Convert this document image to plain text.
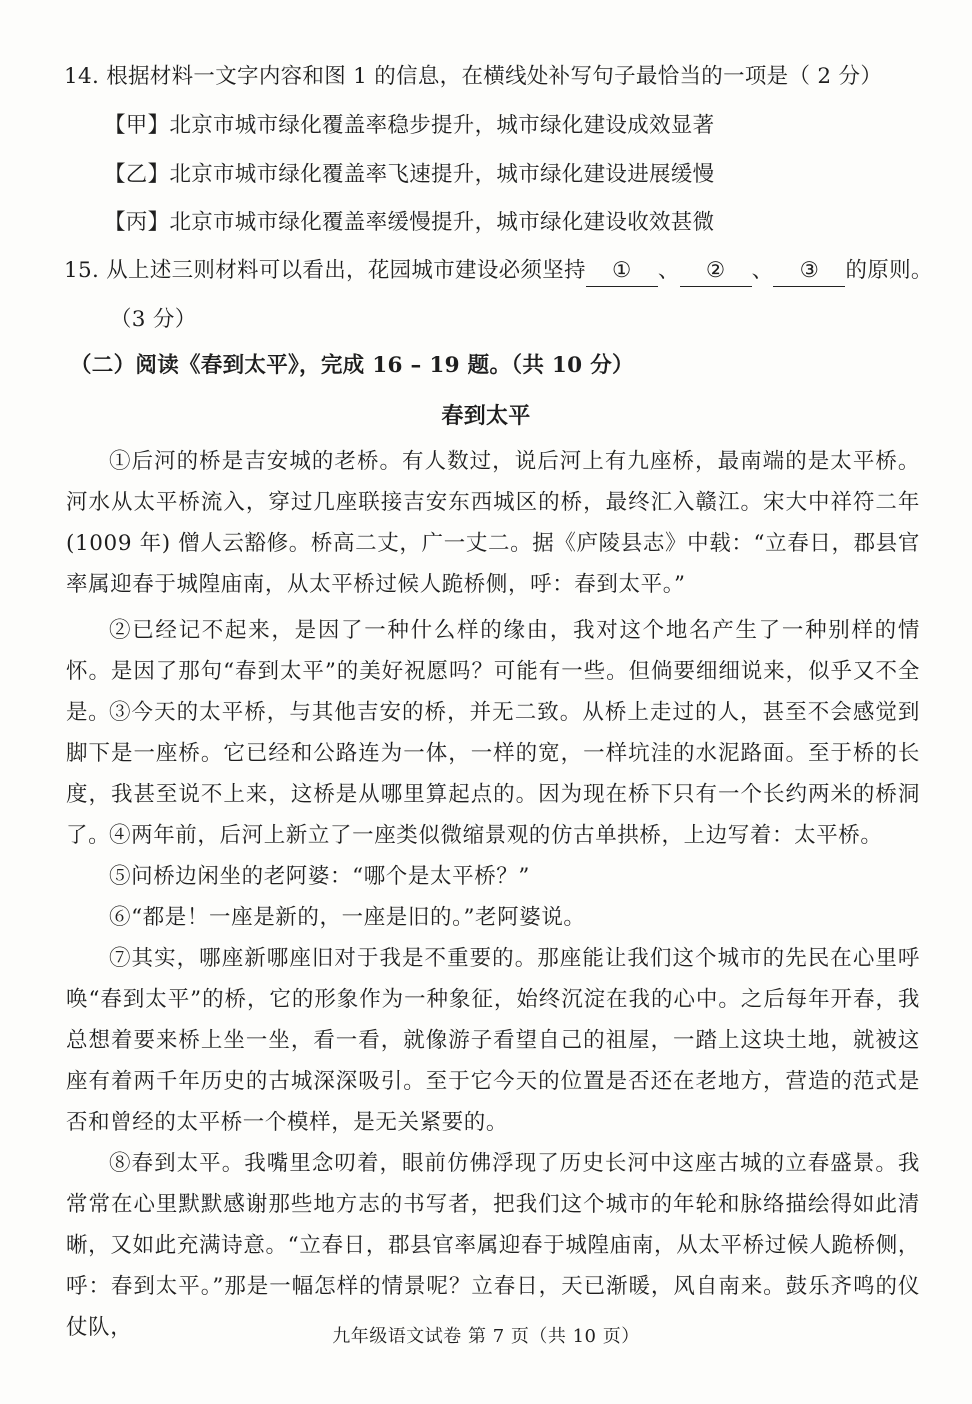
14. 根据材料一文字内容和图 1 的信息，在横线处补写句子最恰当的一项是（ 2 分）
【甲】北京市城市绿化覆盖率稳步提升，城市绿化建设成效显著
【乙】北京市城市绿化覆盖率飞速提升，城市绿化建设进展缓慢
【丙】北京市城市绿化覆盖率缓慢提升，城市绿化建设收效甚微
15. 从上述三则材料可以看出，花园城市建设必须坚持 ① 、 ② 、 ③ 的原则。
（3 分）
（二）阅读《春到太平》，完成 16 – 19 题。（共 10 分）
春到太平
①后河的桥是吉安城的老桥。有人数过，说后河上有九座桥，最南端的是太平桥。河水从太平桥流入，穿过几座联接吉安东西城区的桥，最终汇入赣江。宋大中祥符二年 (1009 年) 僧人云豁修。桥高二丈，广一丈二。据《庐陵县志》中载：“立春日，郡县官率属迎春于城隍庙南，从太平桥过候人跪桥侧，呼：春到太平。”
②已经记不起来，是因了一种什么样的缘由，我对这个地名产生了一种别样的情怀。是因了那句“春到太平”的美好祝愿吗？可能有一些。但倘要细细说来，似乎又不全是。
③今天的太平桥，与其他吉安的桥，并无二致。从桥上走过的人，甚至不会感觉到脚下是一座桥。它已经和公路连为一体，一样的宽，一样坑洼的水泥路面。至于桥的长度，我甚至说不上来，这桥是从哪里算起点的。因为现在桥下只有一个长约两米的桥洞了。
④两年前，后河上新立了一座类似微缩景观的仿古单拱桥，上边写着：太平桥。
⑤问桥边闲坐的老阿婆：“哪个是太平桥？”
⑥“都是！一座是新的，一座是旧的。”老阿婆说。
⑦其实，哪座新哪座旧对于我是不重要的。那座能让我们这个城市的先民在心里呼唤“春到太平”的桥，它的形象作为一种象征，始终沉淀在我的心中。之后每年开春，我总想着要来桥上坐一坐，看一看，就像游子看望自己的祖屋，一踏上这块土地，就被这座有着两千年历史的古城深深吸引。至于它今天的位置是否还在老地方，营造的范式是否和曾经的太平桥一个模样，是无关紧要的。
⑧春到太平。我嘴里念叨着，眼前仿佛浮现了历史长河中这座古城的立春盛景。我常常在心里默默感谢那些地方志的书写者，把我们这个城市的年轮和脉络描绘得如此清晰，又如此充满诗意。“立春日，郡县官率属迎春于城隍庙南，从太平桥过候人跪桥侧，呼：春到太平。”那是一幅怎样的情景呢？立春日，天已渐暖，风自南来。鼓乐齐鸣的仪仗队，	九年级语文试卷 第 7 页（共 10 页）
